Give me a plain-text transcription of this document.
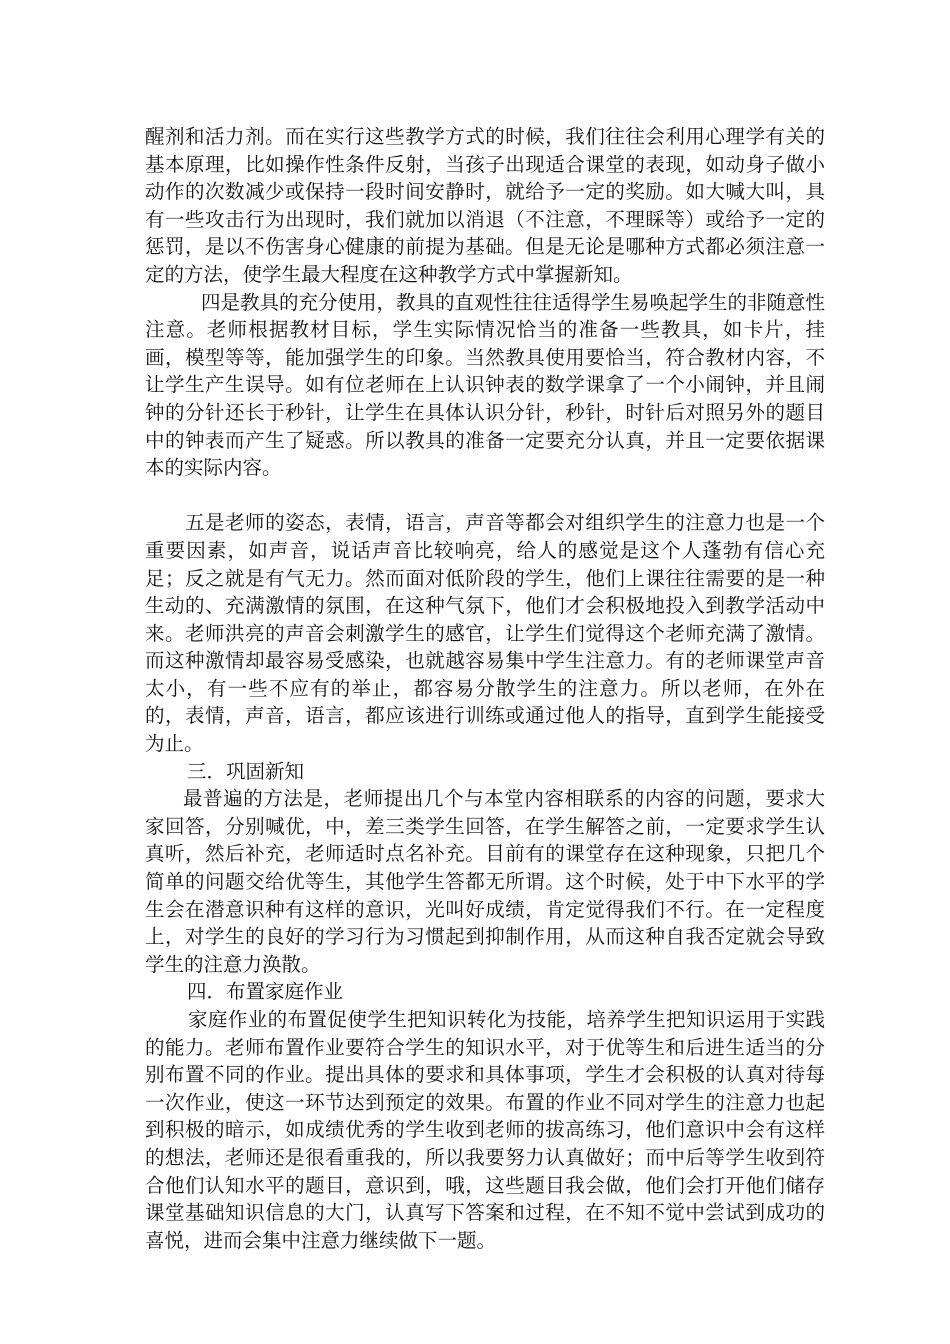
醒剂和活力剂。而在实行这些教学方式的时候，我们往往会利用心理学有关的基本原理，比如操作性条件反射，当孩子出现适合课堂的表现，如动身子做小动作的次数减少或保持一段时间安静时，就给予一定的奖励。如大喊大叫，具有一些攻击行为出现时，我们就加以消退（不注意，不理睬等）或给予一定的惩罚，是以不伤害身心健康的前提为基础。但是无论是哪种方式都必须注意一定的方法，使学生最大程度在这种教学方式中掌握新知。

四是教具的充分使用，教具的直观性往往适得学生易唤起学生的非随意性注意。老师根据教材目标，学生实际情况恰当的准备一些教具，如卡片，挂画，模型等等，能加强学生的印象。当然教具使用要恰当，符合教材内容，不让学生产生误导。如有位老师在上认识钟表的数学课拿了一个小闹钟，并且闹钟的分针还长于秒针，让学生在具体认识分针，秒针，时针后对照另外的题目中的钟表而产生了疑惑。所以教具的准备一定要充分认真，并且一定要依据课本的实际内容。

五是老师的姿态，表情，语言，声音等都会对组织学生的注意力也是一个重要因素，如声音，说话声音比较响亮，给人的感觉是这个人蓬勃有信心充足；反之就是有气无力。然而面对低阶段的学生，他们上课往往需要的是一种生动的、充满激情的氛围，在这种气氛下，他们才会积极地投入到教学活动中来。老师洪亮的声音会刺激学生的感官，让学生们觉得这个老师充满了激情。而这种激情却最容易受感染，也就越容易集中学生注意力。有的老师课堂声音太小，有一些不应有的举止，都容易分散学生的注意力。所以老师，在外在的，表情，声音，语言，都应该进行训练或通过他人的指导，直到学生能接受为止。

三．巩固新知

最普遍的方法是，老师提出几个与本堂内容相联系的内容的问题，要求大家回答，分别喊优，中，差三类学生回答，在学生解答之前，一定要求学生认真听，然后补充，老师适时点名补充。目前有的课堂存在这种现象，只把几个简单的问题交给优等生，其他学生答都无所谓。这个时候，处于中下水平的学生会在潜意识种有这样的意识，光叫好成绩，肯定觉得我们不行。在一定程度上，对学生的良好的学习行为习惯起到抑制作用，从而这种自我否定就会导致学生的注意力涣散。

四．布置家庭作业

家庭作业的布置促使学生把知识转化为技能，培养学生把知识运用于实践的能力。老师布置作业要符合学生的知识水平，对于优等生和后进生适当的分别布置不同的作业。提出具体的要求和具体事项，学生才会积极的认真对待每一次作业，使这一环节达到预定的效果。布置的作业不同对学生的注意力也起到积极的暗示，如成绩优秀的学生收到老师的拔高练习，他们意识中会有这样的想法，老师还是很看重我的，所以我要努力认真做好；而中后等学生收到符合他们认知水平的题目，意识到，哦，这些题目我会做，他们会打开他们储存课堂基础知识信息的大门，认真写下答案和过程，在不知不觉中尝试到成功的喜悦，进而会集中注意力继续做下一题。
